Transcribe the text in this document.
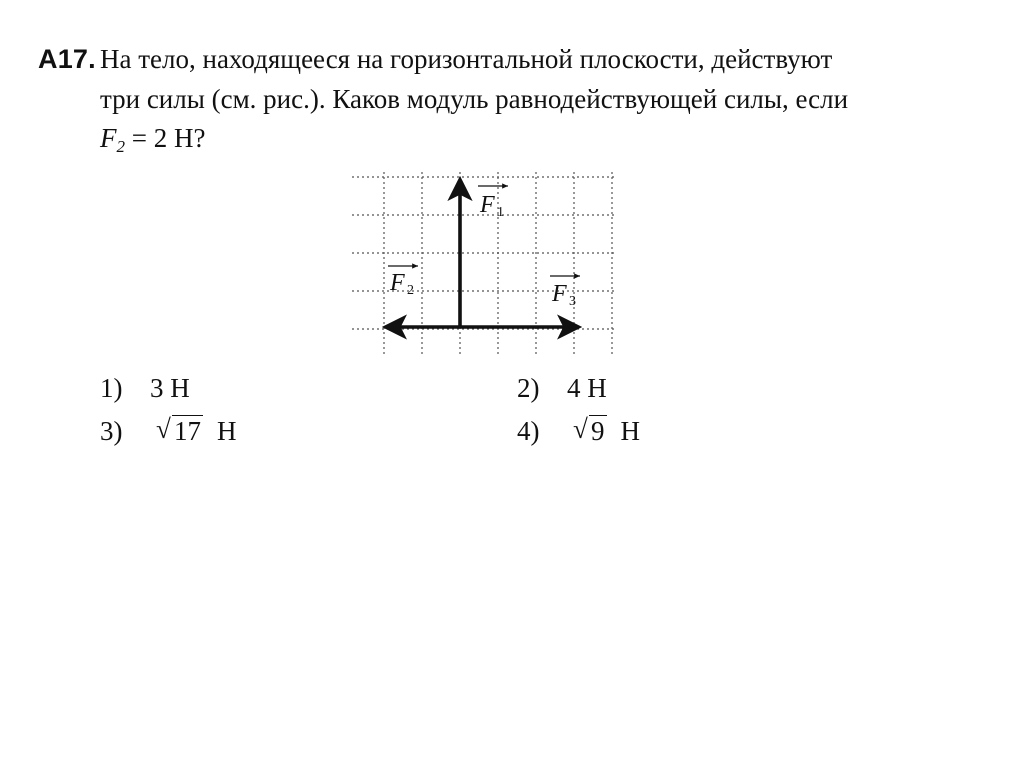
А17. На тело, находящееся на горизонтальной плоскости, действуют
три силы (см. рис.). Каков модуль равнодействующей силы, если
$F_2 = 2$ Н?
F 1
F 2	F 3
1) 3 Н	2) 4 Н
3) √ 17 Н	4) √ 9 Н
